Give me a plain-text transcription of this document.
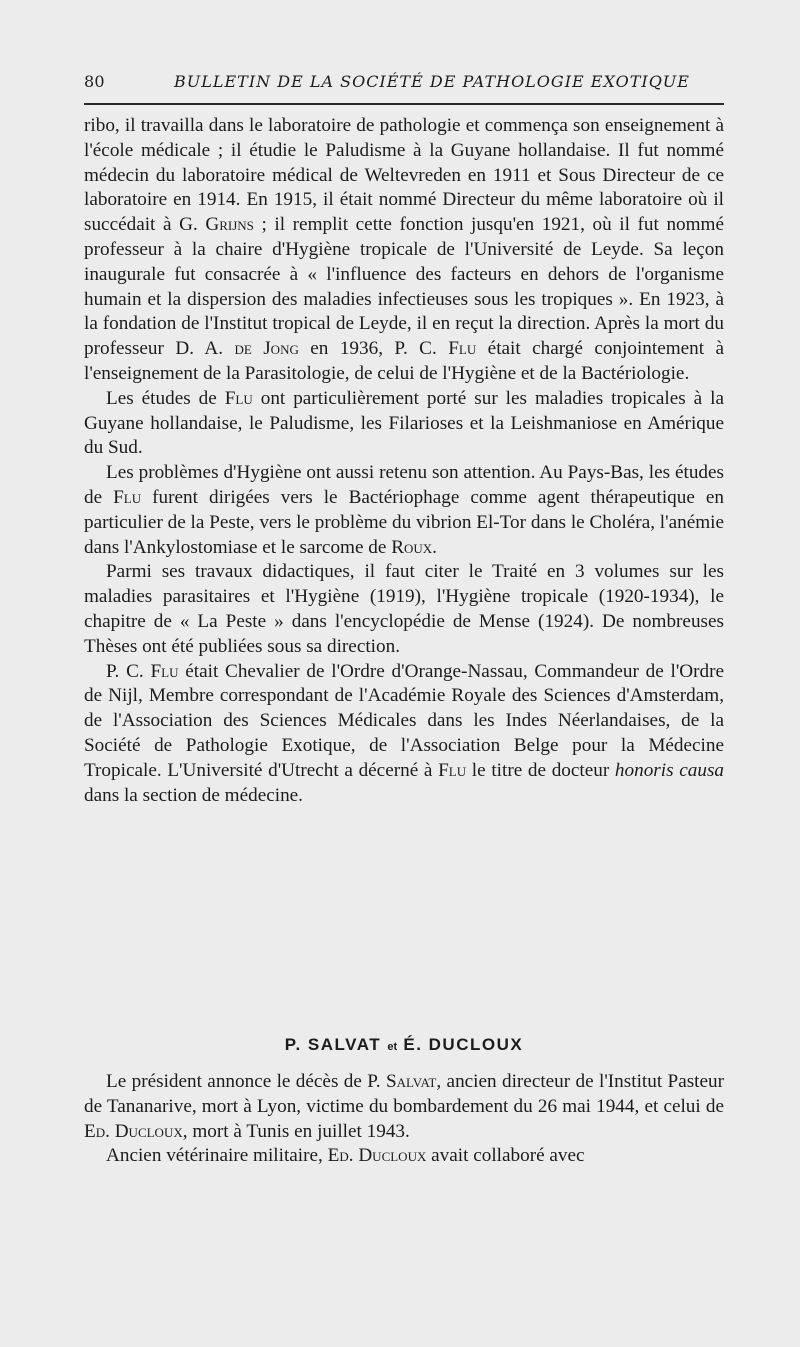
80	BULLETIN DE LA SOCIÉTÉ DE PATHOLOGIE EXOTIQUE

ribo, il travailla dans le laboratoire de pathologie et commença son enseignement à l'école médicale ; il étudie le Paludisme à la Guyane hollandaise. Il fut nommé médecin du laboratoire médical de Weltevreden en 1911 et Sous Directeur de ce laboratoire en 1914. En 1915, il était nommé Directeur du même laboratoire où il succédait à G. Grijns ; il remplit cette fonction jusqu'en 1921, où il fut nommé professeur à la chaire d'Hygiène tropicale de l'Université de Leyde. Sa leçon inaugurale fut consacrée à « l'influence des facteurs en dehors de l'organisme humain et la dispersion des maladies infectieuses sous les tropiques ». En 1923, à la fondation de l'Institut tropical de Leyde, il en reçut la direction. Après la mort du professeur D. A. de Jong en 1936, P. C. Flu était chargé conjointement à l'enseignement de la Parasitologie, de celui de l'Hygiène et de la Bactériologie.

Les études de Flu ont particulièrement porté sur les maladies tropicales à la Guyane hollandaise, le Paludisme, les Filarioses et la Leishmaniose en Amérique du Sud.

Les problèmes d'Hygiène ont aussi retenu son attention. Au Pays-Bas, les études de Flu furent dirigées vers le Bactériophage comme agent thérapeutique en particulier de la Peste, vers le problème du vibrion El-Tor dans le Choléra, l'anémie dans l'Ankylostomiase et le sarcome de Roux.

Parmi ses travaux didactiques, il faut citer le Traité en 3 volumes sur les maladies parasitaires et l'Hygiène (1919), l'Hygiène tropicale (1920-1934), le chapitre de « La Peste » dans l'encyclopédie de Mense (1924). De nombreuses Thèses ont été publiées sous sa direction.

P. C. Flu était Chevalier de l'Ordre d'Orange-Nassau, Commandeur de l'Ordre de Nijl, Membre correspondant de l'Académie Royale des Sciences d'Amsterdam, de l'Association des Sciences Médicales dans les Indes Néerlandaises, de la Société de Pathologie Exotique, de l'Association Belge pour la Médecine Tropicale. L'Université d'Utrecht a décerné à Flu le titre de docteur honoris causa dans la section de médecine.

P. SALVAT et É. DUCLOUX

Le président annonce le décès de P. Salvat, ancien directeur de l'Institut Pasteur de Tananarive, mort à Lyon, victime du bombardement du 26 mai 1944, et celui de Ed. Ducloux, mort à Tunis en juillet 1943.

Ancien vétérinaire militaire, Ed. Ducloux avait collaboré avec
